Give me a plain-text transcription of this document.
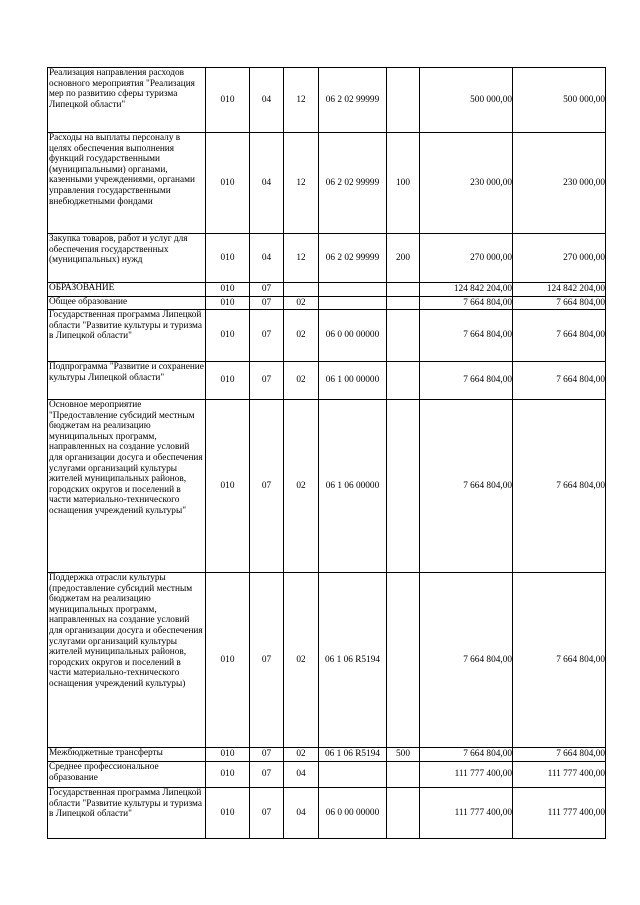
Реализация направления расходов основного мероприятия "Реализация мер по развитию сферы туризма Липецкой области"	010	04	12	06 2 02 99999		500 000,00	500 000,00
Расходы на выплаты персоналу в целях обеспечения выполнения функций государственными (муниципальными) органами, казенными учреждениями, органами управления государственными внебюджетными фондами	010	04	12	06 2 02 99999	100	230 000,00	230 000,00
Закупка товаров, работ и услуг для обеспечения государственных (муниципальных) нужд	010	04	12	06 2 02 99999	200	270 000,00	270 000,00
ОБРАЗОВАНИЕ	010	07				124 842 204,00	124 842 204,00
Общее образование	010	07	02			7 664 804,00	7 664 804,00
Государственная программа Липецкой области "Развитие культуры и туризма в Липецкой области"	010	07	02	06 0 00 00000		7 664 804,00	7 664 804,00
Подпрограмма "Развитие и сохранение культуры Липецкой области"	010	07	02	06 1 00 00000		7 664 804,00	7 664 804,00
Основное мероприятие "Предоставление субсидий местным бюджетам на реализацию муниципальных программ, направленных на создание условий для организации досуга и обеспечения услугами организаций культуры жителей муниципальных районов, городских округов и поселений в части материально-технического оснащения учреждений культуры"	010	07	02	06 1 06 00000		7 664 804,00	7 664 804,00
Поддержка отрасли культуры (предоставление субсидий местным бюджетам на реализацию муниципальных программ, направленных на создание условий для организации досуга и обеспечения услугами организаций культуры жителей муниципальных районов, городских округов и поселений в части материально-технического оснащения учреждений культуры)	010	07	02	06 1 06 R5194		7 664 804,00	7 664 804,00
Межбюджетные трансферты	010	07	02	06 1 06 R5194	500	7 664 804,00	7 664 804,00
Среднее профессиональное образование	010	07	04			111 777 400,00	111 777 400,00
Государственная программа Липецкой области "Развитие культуры и туризма в Липецкой области"	010	07	04	06 0 00 00000		111 777 400,00	111 777 400,00
